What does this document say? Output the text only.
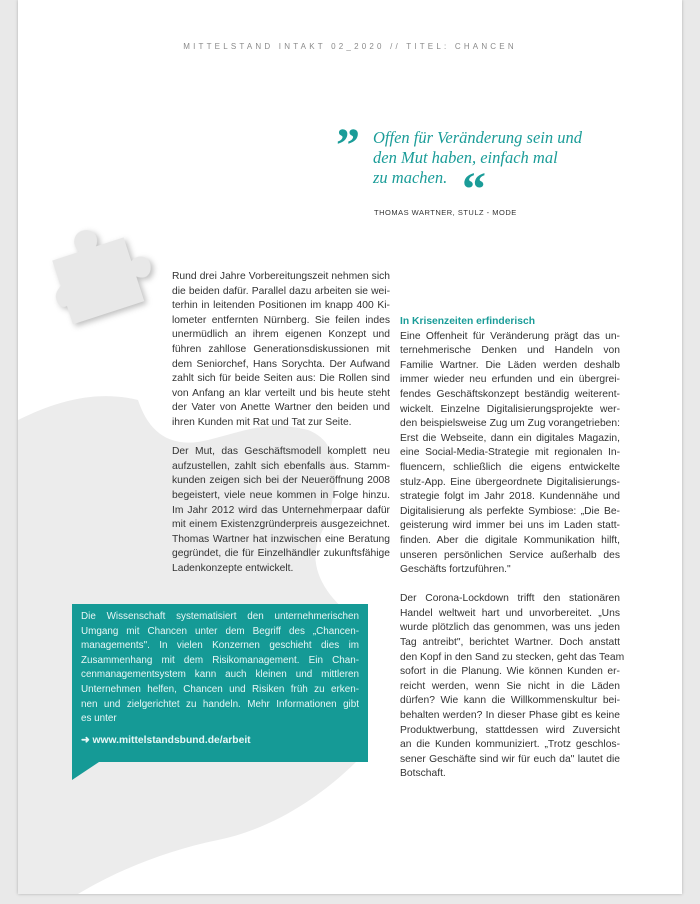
MITTELSTAND INTAKT 02_2020 // TITEL: CHANCEN
” Offen für Veränderung sein und
den Mut haben, einfach mal
zu machen. “
THOMAS WARTNER, STULZ - MODE
Rund drei Jahre Vorbereitungszeit nehmen sich
die beiden dafür. Parallel dazu arbeiten sie wei-
terhin in leitenden Positionen im knapp 400 Ki-
lometer entfernten Nürnberg. Sie feilen indes
unermüdlich an ihrem eigenen Konzept und
führen zahllose Generationsdiskussionen mit
dem Seniorchef, Hans Sorychta. Der Aufwand
zahlt sich für beide Seiten aus: Die Rollen sind
von Anfang an klar verteilt und bis heute steht
der Vater von Anette Wartner den beiden und
ihren Kunden mit Rat und Tat zur Seite.
Der Mut, das Geschäftsmodell komplett neu
aufzustellen, zahlt sich ebenfalls aus. Stamm-
kunden zeigen sich bei der Neueröffnung 2008
begeistert, viele neue kommen in Folge hinzu.
Im Jahr 2012 wird das Unternehmerpaar dafür
mit einem Existenzgründerpreis ausgezeichnet.
Thomas Wartner hat inzwischen eine Beratung
gegründet, die für Einzelhändler zukunftsfähige
Ladenkonzepte entwickelt.
Die Wissenschaft systematisiert den unternehmerischen
Umgang mit Chancen unter dem Begriff des „Chancen-
managements". In vielen Konzernen geschieht dies im
Zusammenhang mit dem Risikomanagement. Ein Chan-
cenmanagementsystem kann auch kleinen und mittleren
Unternehmen helfen, Chancen und Risiken früh zu erken-
nen und zielgerichtet zu handeln. Mehr Informationen gibt
es unter
➜ www.mittelstandsbund.de/arbeit
In Krisenzeiten erfinderisch
Eine Offenheit für Veränderung prägt das un-
ternehmerische Denken und Handeln von
Familie Wartner. Die Läden werden deshalb
immer wieder neu erfunden und ein übergrei-
fendes Geschäftskonzept beständig weiterent-
wickelt. Einzelne Digitalisierungsprojekte wer-
den beispielsweise Zug um Zug vorangetrieben:
Erst die Webseite, dann ein digitales Magazin,
eine Social-Media-Strategie mit regionalen In-
fluencern, schließlich die eigens entwickelte
stulz-App. Eine übergeordnete Digitalisierungs-
strategie folgt im Jahr 2018. Kundennähe und
Digitalisierung als perfekte Symbiose: „Die Be-
geisterung wird immer bei uns im Laden statt-
finden. Aber die digitale Kommunikation hilft,
unseren persönlichen Service außerhalb des
Geschäfts fortzuführen."
Der Corona-Lockdown trifft den stationären
Handel weltweit hart und unvorbereitet. „Uns
wurde plötzlich das genommen, was uns jeden
Tag antreibt", berichtet Wartner. Doch anstatt
den Kopf in den Sand zu stecken, geht das Team
sofort in die Planung. Wie können Kunden er-
reicht werden, wenn Sie nicht in die Läden
dürfen? Wie kann die Willkommenskultur bei-
behalten werden? In dieser Phase gibt es keine
Produktwerbung, stattdessen wird Zuversicht
an die Kunden kommuniziert. „Trotz geschlos-
sener Geschäfte sind wir für euch da" lautet die
Botschaft.
